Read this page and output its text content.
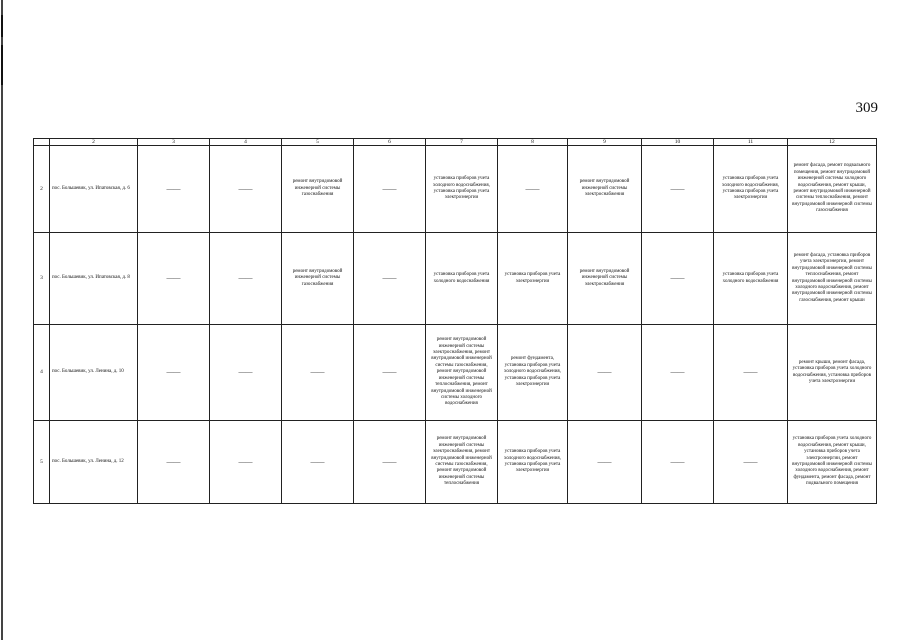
309
	2	3	4	5	6	7	8	9	10	11	12
2	пос. Большевик, ул. Ипатовская, д. 6	——	——	ремонт внутридомовой инженерной системы газоснабжения	——	установка приборов учета холодного водоснабжения, установка приборов учета электроэнергии	——	ремонт внутридомовой инженерной системы электроснабжения	——	установка приборов учета холодного водоснабжения, установка приборов учета электроэнергии	ремонт фасада, ремонт подвального помещения, ремонт внутридомовой инженерной системы холодного водоснабжения, ремонт крыши, ремонт внутридомовой инженерной системы теплоснабжения, ремонт внутридомовой инженерной системы газоснабжения
3	пос. Большевик, ул. Ипатовская, д. 8	——	——	ремонт внутридомовой инженерной системы газоснабжения	——	установка приборов учета холодного водоснабжения	установка приборов учета электроэнергии	ремонт внутридомовой инженерной системы электроснабжения	——	установка приборов учета холодного водоснабжения	ремонт фасада, установка приборов учета электроэнергии, ремонт внутридомовой инженерной системы теплоснабжения, ремонт внутридомовой инженерной системы холодного водоснабжения, ремонт внутридомовой инженерной системы газоснабжения, ремонт крыши
4	пос. Большевик, ул. Ленина, д. 10	——	——	——	——	ремонт внутридомовой инженерной системы электроснабжения, ремонт внутридомовой инженерной системы газоснабжения, ремонт внутридомовой инженерной системы теплоснабжения, ремонт внутридомовой инженерной системы холодного водоснабжения	ремонт фундамента, установка приборов учета холодного водоснабжения, установка приборов учета электроэнергии	——	——	——	ремонт крыши, ремонт фасада, установка приборов учета холодного водоснабжения, установка приборов учета электроэнергии
5	пос. Большевик, ул. Ленина, д. 12	——	——	——	——	ремонт внутридомовой инженерной системы электроснабжения, ремонт внутридомовой инженерной системы газоснабжения, ремонт внутридомовой инженерной системы теплоснабжения	установка приборов учета холодного водоснабжения, установка приборов учета электроэнергии	——	——	——	установка приборов учета холодного водоснабжения, ремонт крыши, установка приборов учета электроэнергии, ремонт внутридомовой инженерной системы холодного водоснабжения, ремонт фундамента, ремонт фасада, ремонт подвального помещения
